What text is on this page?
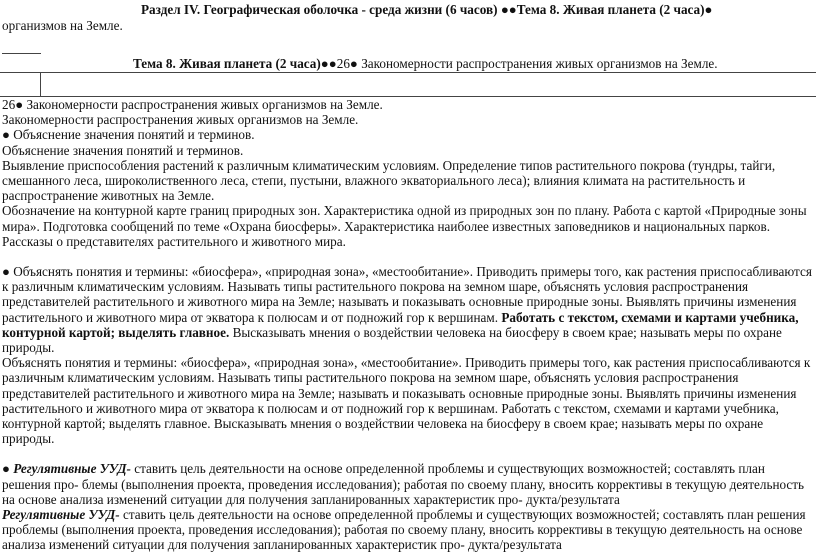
Раздел IV. Географическая оболочка - среда жизни (6 часов) ●●Тема 8. Живая планета (2 часа)●
организмов на Земле.
Тема 8. Живая планета (2 часа)●●26● Закономерности распространения живых организмов на Земле.

26● Закономерности распространения живых организмов на Земле.

Закономерности распространения живых организмов на Земле.

● Объяснение значения понятий и терминов.

Объяснение значения понятий и терминов.

Выявление приспособления растений к различным климатическим условиям. Определение типов растительного покрова (тундры, тайги, смешанного леса, широколиственного леса, степи, пустыни, влажного экваториального леса); влияния климата на растительность и распространение животных на Земле.

Обозначение на контурной карте границ природных зон. Характеристика одной из природных зон по плану. Работа с картой «Природные зоны мира». Подготовка сообщений по теме «Охрана биосферы». Характеристика наиболее известных заповедников и национальных парков. Рассказы о представителях растительного и животного мира.

● Объяснять понятия и термины: «биосфера», «природная зона», «местообитание». Приводить примеры того, как растения приспосабливаются к различным климатическим условиям. Называть типы растительного покрова на земном шаре, объяснять условия распространения представителей растительного и животного мира на Земле; называть и показывать основные природные зоны. Выявлять причины изменения растительного и животного мира от экватора к полюсам и от подножий гор к вершинам. Работать с текстом, схемами и картами учебника, контурной картой; выделять главное. Высказывать мнения о воздействии человека на биосферу в своем крае; называть меры по охране природы.

Объяснять понятия и термины: «биосфера», «природная зона», «местообитание». Приводить примеры того, как растения приспосабливаются к различным климатическим условиям. Называть типы растительного покрова на земном шаре, объяснять условия распространения представителей растительного и животного мира на Земле; называть и показывать основные природные зоны. Выявлять причины изменения растительного и животного мира от экватора к полюсам и от подножий гор к вершинам. Работать с текстом, схемами и картами учебника, контурной картой; выделять главное. Высказывать мнения о воздействии человека на биосферу в своем крае; называть меры по охране природы.

● Регулятивные УУД- ставить цель деятельности на основе определенной проблемы и существующих возможностей; составлять план решения про- блемы (выполнения проекта, проведения исследования); работая по своему плану, вносить коррективы в текущую деятельность на основе анализа изменений ситуации для получения запланированных характеристик про- дукта/результата

Регулятивные УУД- ставить цель деятельности на основе определенной проблемы и существующих возможностей; составлять план решения проблемы (выполнения проекта, проведения исследования); работая по своему плану, вносить коррективы в текущую деятельность на основе анализа изменений ситуации для получения запланированных характеристик про- дукта/результата
